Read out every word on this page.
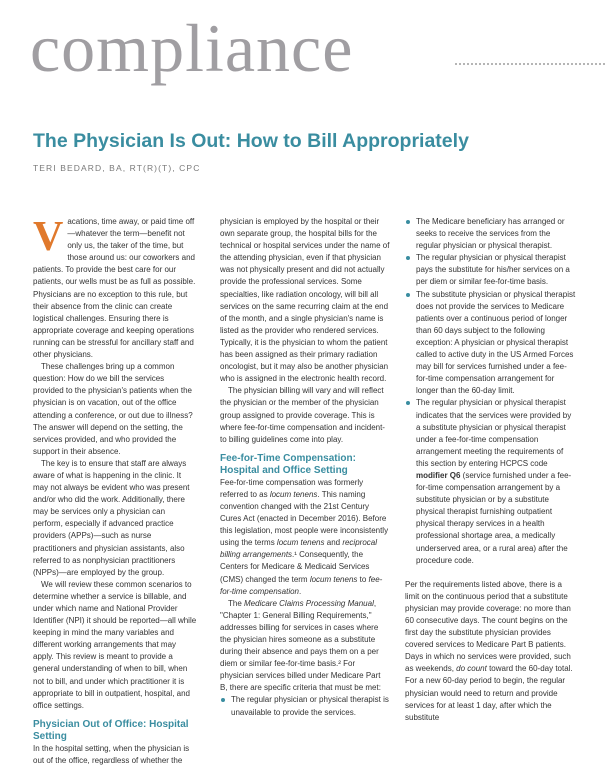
compliance
The Physician Is Out: How to Bill Appropriately
TERI BEDARD, BA, RT(R)(T), CPC

Vacations, time away, or paid time off—whatever the term—benefit not only us, the taker of the time, but those around us: our coworkers and patients. To provide the best care for our patients, our wells must be as full as possible. Physicians are no exception to this rule, but their absence from the clinic can create logistical challenges. Ensuring there is appropriate coverage and keeping operations running can be stressful for ancillary staff and other physicians.

These challenges bring up a common question: How do we bill the services provided to the physician's patients when the physician is on vacation, out of the office attending a conference, or out due to illness? The answer will depend on the setting, the services provided, and who provided the support in their absence.

The key is to ensure that staff are always aware of what is happening in the clinic. It may not always be evident who was present and/or who did the work. Additionally, there may be services only a physician can perform, especially if advanced practice providers (APPs)—such as nurse practitioners and physician assistants, also referred to as nonphysician practitioners (NPPs)—are employed by the group.

We will review these common scenarios to determine whether a service is billable, and under which name and National Provider Identifier (NPI) it should be reported—all while keeping in mind the many variables and different working arrangements that may apply. This review is meant to provide a general understanding of when to bill, when not to bill, and under which practitioner it is appropriate to bill in outpatient, hospital, and office settings.

Physician Out of Office: Hospital Setting

In the hospital setting, when the physician is out of the office, regardless of whether the

physician is employed by the hospital or their own separate group, the hospital bills for the technical or hospital services under the name of the attending physician, even if that physician was not physically present and did not actually provide the professional services. Some specialties, like radiation oncology, will bill all services on the same recurring claim at the end of the month, and a single physician's name is listed as the provider who rendered services. Typically, it is the physician to whom the patient has been assigned as their primary radiation oncologist, but it may also be another physician who is assigned in the electronic health record.

The physician billing will vary and will reflect the physician or the member of the physician group assigned to provide coverage. This is where fee-for-time compensation and incident-to billing guidelines come into play.

Fee-for-Time Compensation: Hospital and Office Setting

Fee-for-time compensation was formerly referred to as locum tenens. This naming convention changed with the 21st Century Cures Act (enacted in December 2016). Before this legislation, most people were inconsistently using the terms locum tenens and reciprocal billing arrangements.¹ Consequently, the Centers for Medicare & Medicaid Services (CMS) changed the term locum tenens to fee-for-time compensation.

The Medicare Claims Processing Manual, "Chapter 1: General Billing Requirements," addresses billing for services in cases where the physician hires someone as a substitute during their absence and pays them on a per diem or similar fee-for-time basis.² For physician services billed under Medicare Part B, there are specific criteria that must be met:

The regular physician or physical therapist is unavailable to provide the services.
The Medicare beneficiary has arranged or seeks to receive the services from the regular physician or physical therapist.
The regular physician or physical therapist pays the substitute for his/her services on a per diem or similar fee-for-time basis.
The substitute physician or physical therapist does not provide the services to Medicare patients over a continuous period of longer than 60 days subject to the following exception: A physician or physical therapist called to active duty in the US Armed Forces may bill for services furnished under a fee-for-time compensation arrangement for longer than the 60-day limit.
The regular physician or physical therapist indicates that the services were provided by a substitute physician or physical therapist under a fee-for-time compensation arrangement meeting the requirements of this section by entering HCPCS code modifier Q6 (service furnished under a fee-for-time compensation arrangement by a substitute physician or by a substitute physical therapist furnishing outpatient physical therapy services in a health professional shortage area, a medically underserved area, or a rural area) after the procedure code.

Per the requirements listed above, there is a limit on the continuous period that a substitute physician may provide coverage: no more than 60 consecutive days. The count begins on the first day the substitute physician provides covered services to Medicare Part B patients. Days in which no services were provided, such as weekends, do count toward the 60-day total. For a new 60-day period to begin, the regular physician would need to return and provide services for at least 1 day, after which the substitute
